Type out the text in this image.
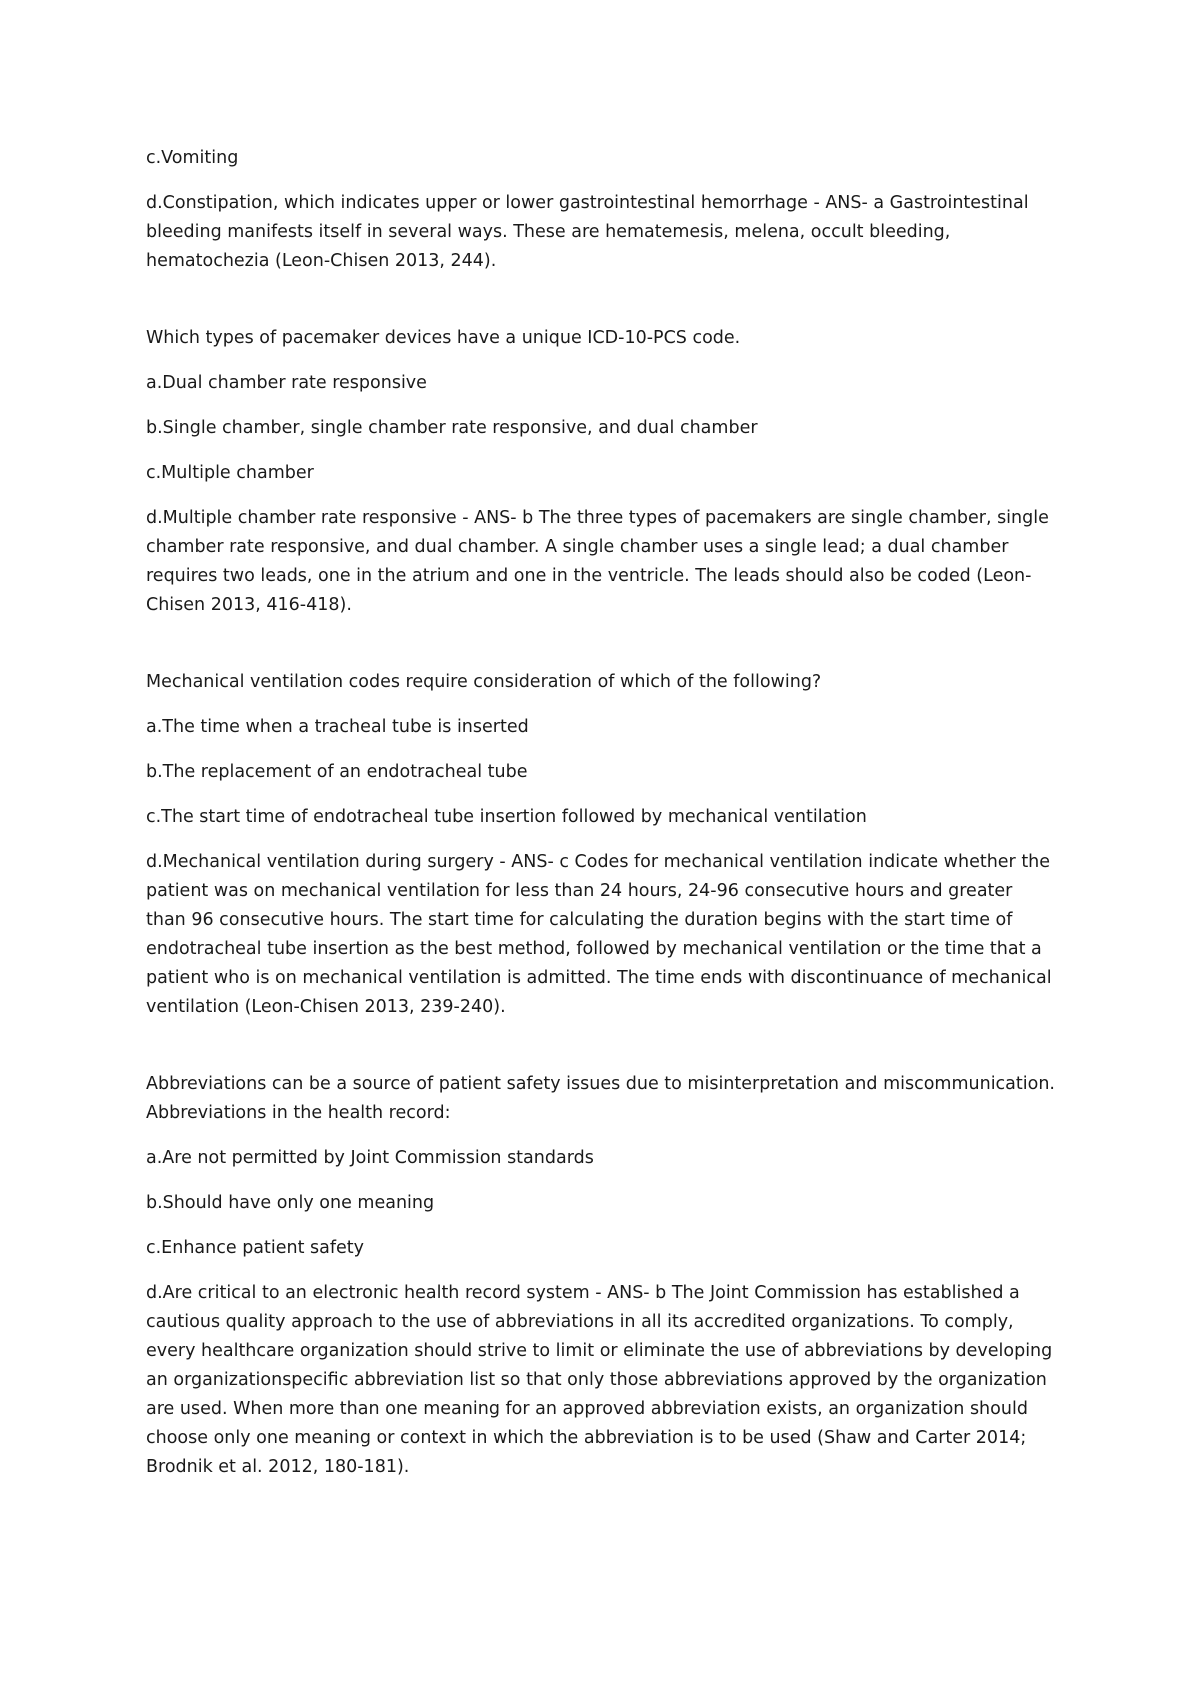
c.Vomiting

d.Constipation, which indicates upper or lower gastrointestinal hemorrhage - ANS- a Gastrointestinal bleeding manifests itself in several ways. These are hematemesis, melena, occult bleeding, hematochezia (Leon-Chisen 2013, 244).

Which types of pacemaker devices have a unique ICD-10-PCS code.

a.Dual chamber rate responsive

b.Single chamber, single chamber rate responsive, and dual chamber

c.Multiple chamber

d.Multiple chamber rate responsive - ANS- b The three types of pacemakers are single chamber, single chamber rate responsive, and dual chamber. A single chamber uses a single lead; a dual chamber requires two leads, one in the atrium and one in the ventricle. The leads should also be coded (Leon-Chisen 2013, 416-418).

Mechanical ventilation codes require consideration of which of the following?

a.The time when a tracheal tube is inserted

b.The replacement of an endotracheal tube

c.The start time of endotracheal tube insertion followed by mechanical ventilation

d.Mechanical ventilation during surgery - ANS- c Codes for mechanical ventilation indicate whether the patient was on mechanical ventilation for less than 24 hours, 24-96 consecutive hours and greater than 96 consecutive hours. The start time for calculating the duration begins with the start time of endotracheal tube insertion as the best method, followed by mechanical ventilation or the time that a patient who is on mechanical ventilation is admitted. The time ends with discontinuance of mechanical ventilation (Leon-Chisen 2013, 239-240).

Abbreviations can be a source of patient safety issues due to misinterpretation and miscommunication. Abbreviations in the health record:

a.Are not permitted by Joint Commission standards

b.Should have only one meaning

c.Enhance patient safety

d.Are critical to an electronic health record system - ANS- b The Joint Commission has established a cautious quality approach to the use of abbreviations in all its accredited organizations. To comply, every healthcare organization should strive to limit or eliminate the use of abbreviations by developing an organizationspecific abbreviation list so that only those abbreviations approved by the organization are used. When more than one meaning for an approved abbreviation exists, an organization should choose only one meaning or context in which the abbreviation is to be used (Shaw and Carter 2014; Brodnik et al. 2012, 180-181).
